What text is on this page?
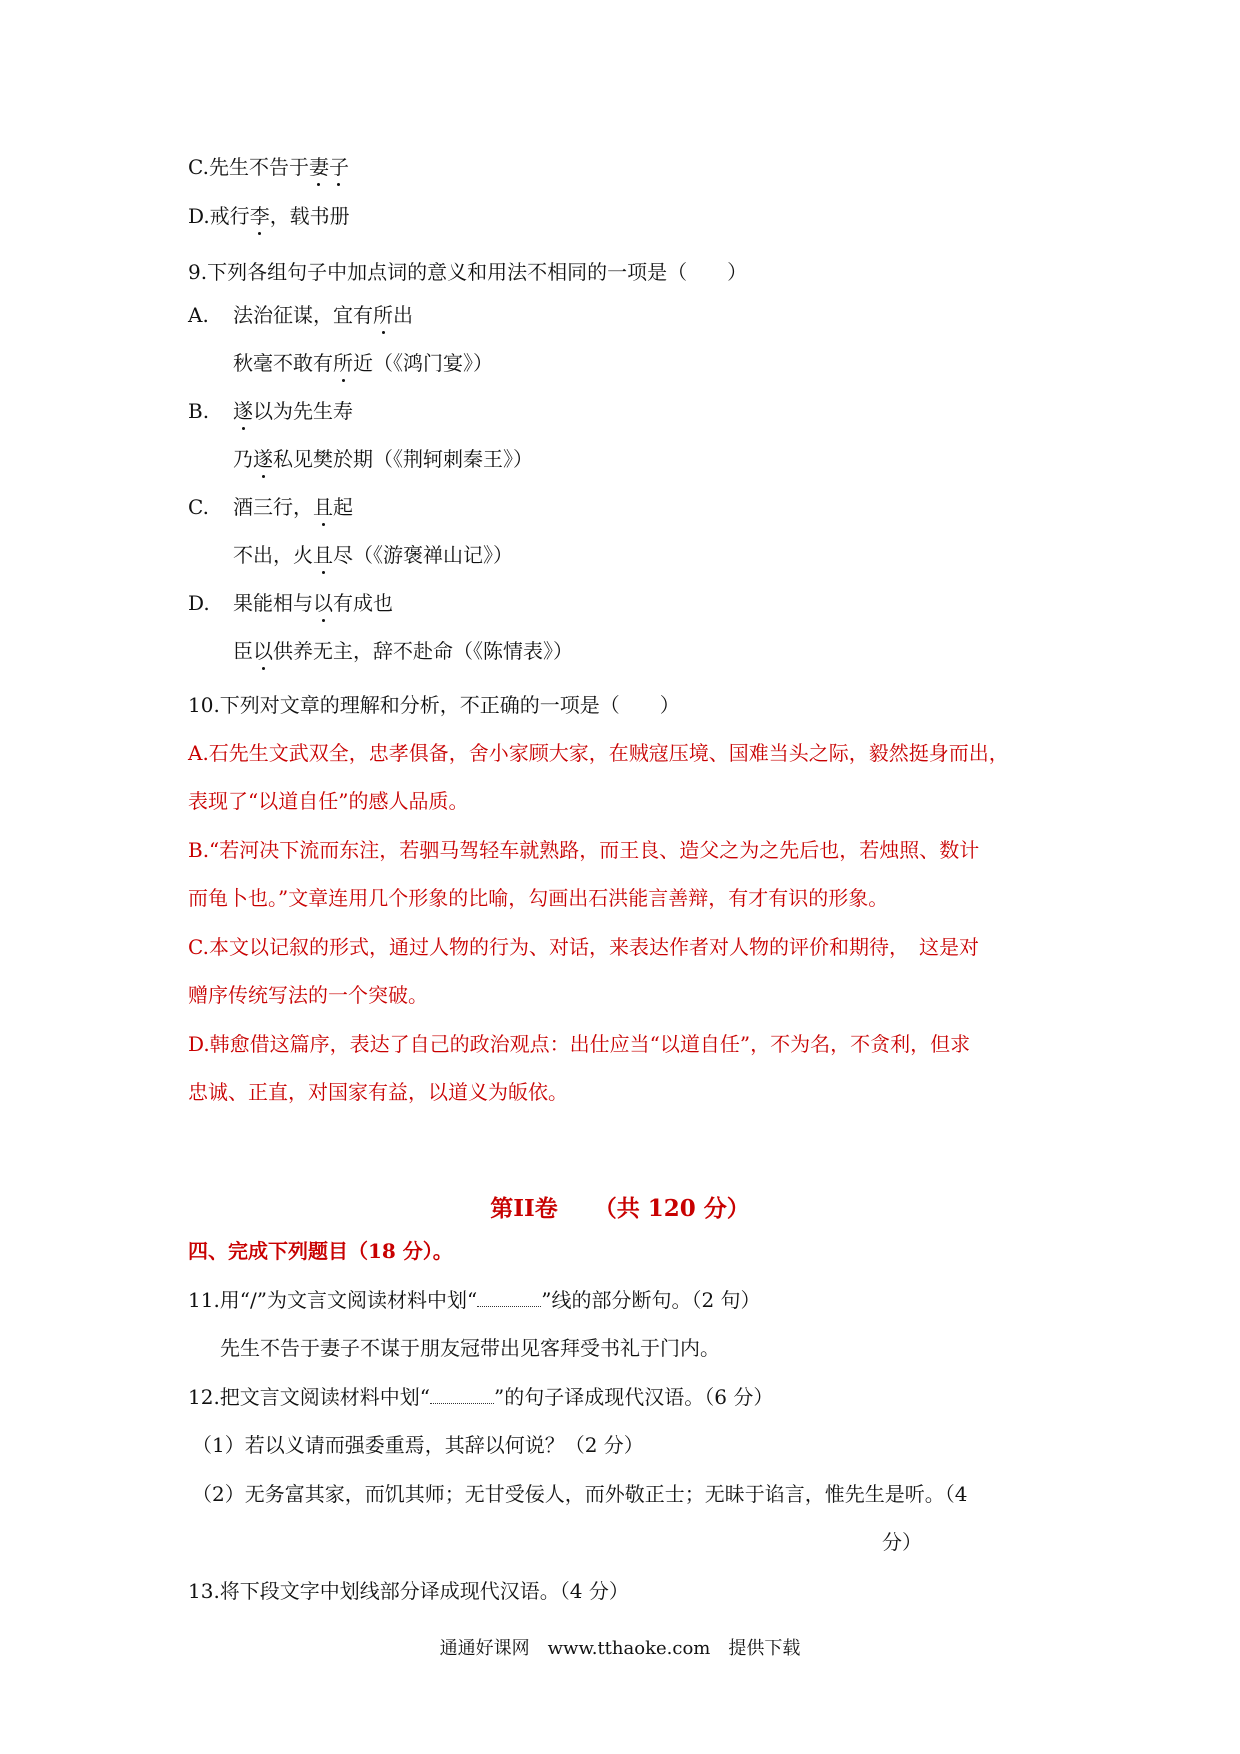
C.先生不告于妻子
D.戒行李，载书册
9.下列各组句子中加点词的意义和用法不相同的一项是（　　）
A. 法治征谋，宜有所出
秋毫不敢有所近（《鸿门宴》）
B. 遂以为先生寿
乃遂私见樊於期（《荆轲刺秦王》）
C. 酒三行，且起
不出，火且尽（《游褒禅山记》）
D. 果能相与以有成也
臣以供养无主，辞不赴命（《陈情表》）
10.下列对文章的理解和分析，不正确的一项是（　　）
A.石先生文武双全，忠孝俱备，舍小家顾大家，在贼寇压境、国难当头之际，毅然挺身而出，
表现了“以道自任”的感人品质。
B.“若河决下流而东注，若驷马驾轻车就熟路，而王良、造父之为之先后也，若烛照、数计
而龟卜也。”文章连用几个形象的比喻，勾画出石洪能言善辩，有才有识的形象。
C.本文以记叙的形式，通过人物的行为、对话，来表达作者对人物的评价和期待，　这是对
赠序传统写法的一个突破。
D.韩愈借这篇序，表达了自己的政治观点：出仕应当“以道自任”，不为名，不贪利，但求
忠诚、正直，对国家有益，以道义为皈依。
第II卷 （共 120 分）
四、完成下列题目（18 分）。
11.用“/”为文言文阅读材料中划“	”线的部分断句。（2 句）
先生不告于妻子不谋于朋友冠带出见客拜受书礼于门内。
12.把文言文阅读材料中划“	”的句子译成现代汉语。（6 分）
（1）若以义请而强委重焉，其辞以何说？（2 分）
（2）无务富其家，而饥其师；无甘受佞人，而外敬正士；无昧于谄言，惟先生是听。（4
分）
13.将下段文字中划线部分译成现代汉语。（4 分）
通通好课网　www.tthaoke.com　提供下载
